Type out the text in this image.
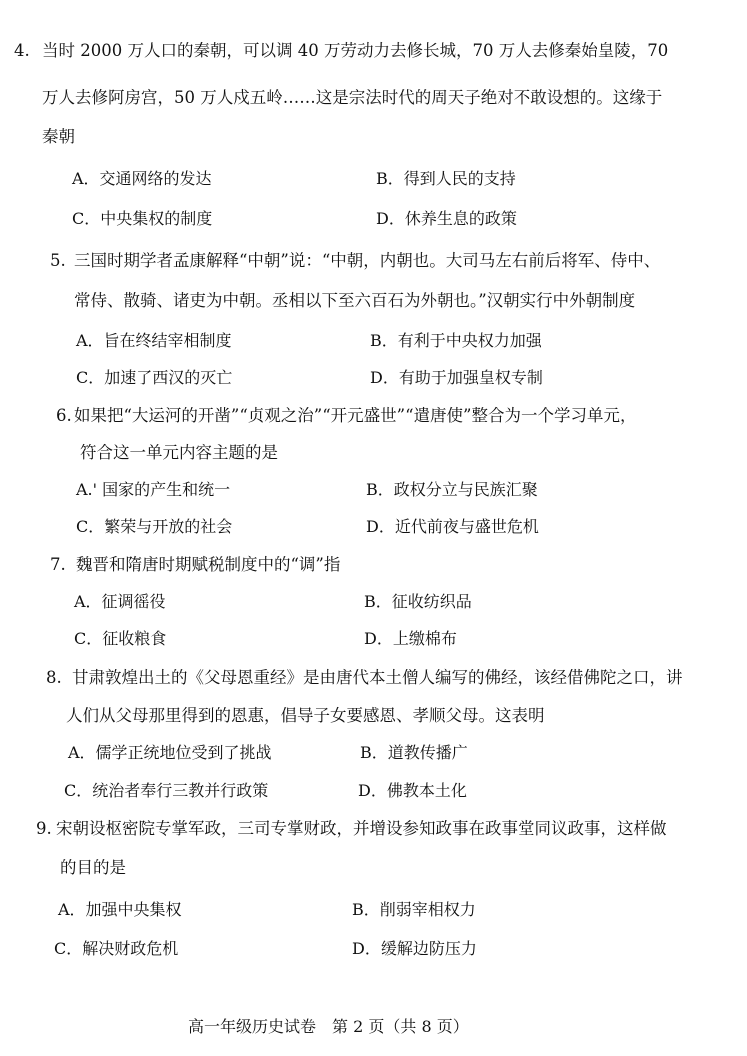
4. 当时 2000 万人口的秦朝，可以调 40 万劳动力去修长城，70 万人去修秦始皇陵，70
万人去修阿房宫，50 万人戍五岭……这是宗法时代的周天子绝对不敢设想的。这缘于
秦朝
A．交通网络的发达	B．得到人民的支持
C．中央集权的制度	D．休养生息的政策
5. 三国时期学者孟康解释“中朝”说：“中朝，内朝也。大司马左右前后将军、侍中、
常侍、散骑、诸吏为中朝。丞相以下至六百石为外朝也。”汉朝实行中外朝制度
A．旨在终结宰相制度	B．有利于中央权力加强
C．加速了西汉的灭亡	D．有助于加强皇权专制
6. 如果把“大运河的开凿”“贞观之治”“开元盛世”“遣唐使”整合为一个学习单元，
符合这一单元内容主题的是
A.' 国家的产生和统一	B．政权分立与民族汇聚
C．繁荣与开放的社会	D．近代前夜与盛世危机
7. 魏晋和隋唐时期赋税制度中的“调”指
A．征调徭役	B．征收纺织品
C．征收粮食	D．上缴棉布
8. 甘肃敦煌出土的《父母恩重经》是由唐代本土僧人编写的佛经，该经借佛陀之口，讲
人们从父母那里得到的恩惠，倡导子女要感恩、孝顺父母。这表明
A．儒学正统地位受到了挑战	B．道教传播广
C．统治者奉行三教并行政策	D．佛教本土化
9. 宋朝设枢密院专掌军政，三司专掌财政，并增设参知政事在政事堂同议政事，这样做
的目的是
A．加强中央集权	B．削弱宰相权力
C．解决财政危机	D．缓解边防压力
高一年级历史试卷　第 2 页（共 8 页）
